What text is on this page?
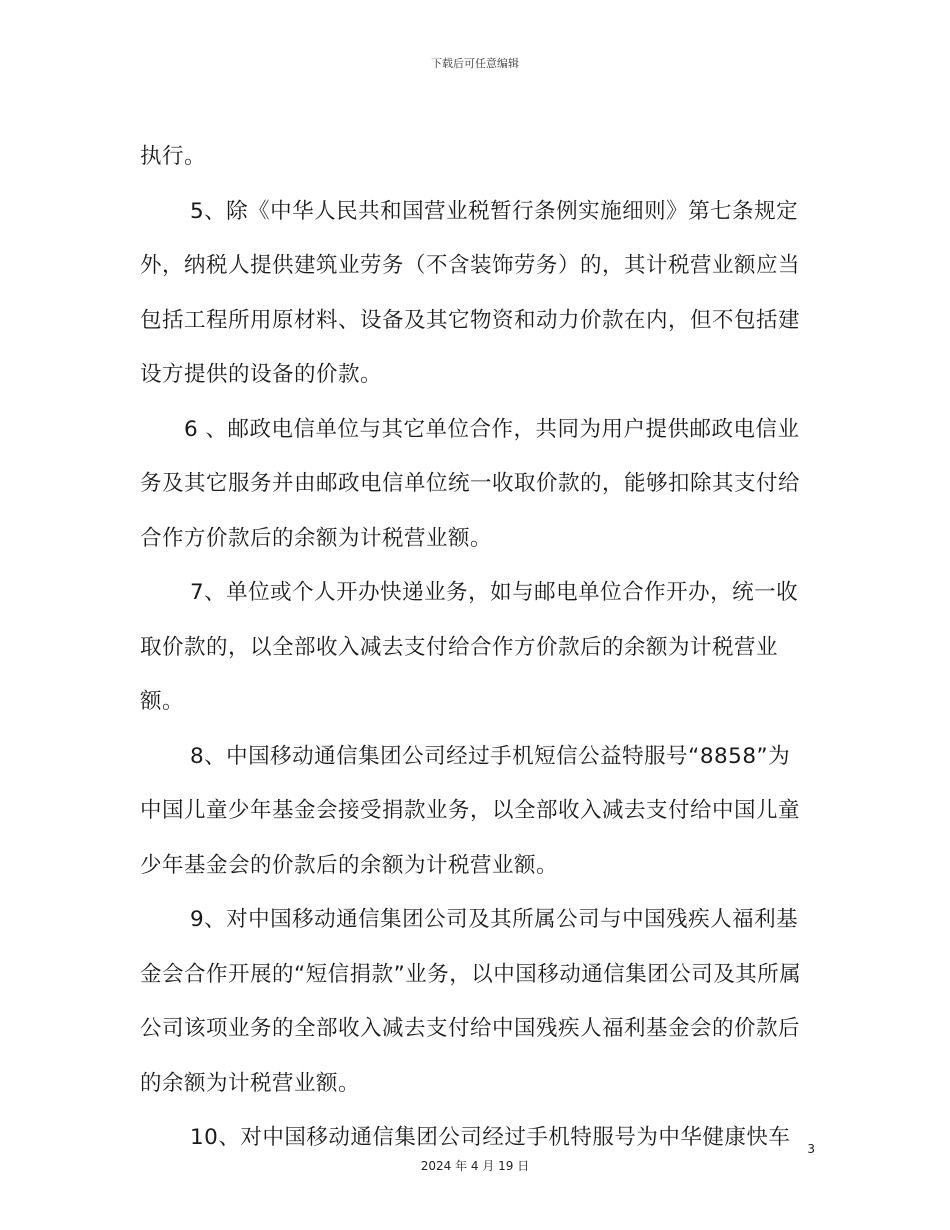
下载后可任意编辑

执行。

5、除《中华人民共和国营业税暂行条例实施细则》第七条规定外，纳税人提供建筑业劳务（不含装饰劳务）的，其计税营业额应当包括工程所用原材料、设备及其它物资和动力价款在内，但不包括建设方提供的设备的价款。

6 、邮政电信单位与其它单位合作，共同为用户提供邮政电信业务及其它服务并由邮政电信单位统一收取价款的，能够扣除其支付给合作方价款后的余额为计税营业额。

7、单位或个人开办快递业务，如与邮电单位合作开办，统一收取价款的，以全部收入减去支付给合作方价款后的余额为计税营业额。

8、中国移动通信集团公司经过手机短信公益特服号“8858”为中国儿童少年基金会接受捐款业务，以全部收入减去支付给中国儿童少年基金会的价款后的余额为计税营业额。

9、对中国移动通信集团公司及其所属公司与中国残疾人福利基金会合作开展的“短信捐款”业务，以中国移动通信集团公司及其所属公司该项业务的全部收入减去支付给中国残疾人福利基金会的价款后的余额为计税营业额。

10、对中国移动通信集团公司经过手机特服号为中华健康快车	3
2024 年 4 月 19 日
